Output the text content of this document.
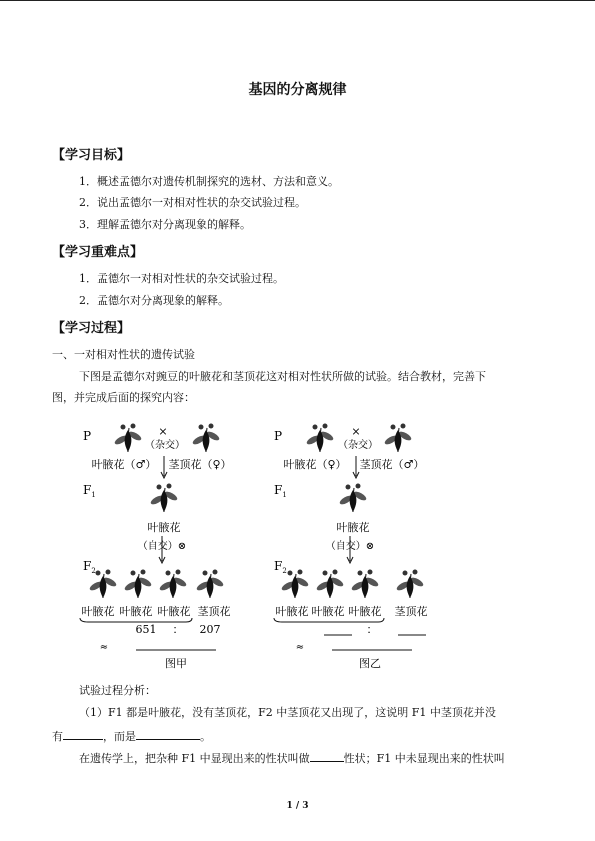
基因的分离规律
【学习目标】
1．概述孟德尔对遗传机制探究的选材、方法和意义。
2．说出孟德尔一对相对性状的杂交试验过程。
3．理解孟德尔对分离现象的解释。
【学习重难点】
1．孟德尔一对相对性状的杂交试验过程。
2．孟德尔对分离现象的解释。
【学习过程】
一、一对相对性状的遗传试验
下图是孟德尔对豌豆的叶腋花和茎顶花这对相对性状所做的试验。结合教材，完善下
图，并完成后面的探究内容：
P	×
（杂交）
叶腋花（♂） 茎顶花（♀）
$F_1$
叶腋花
（自交）⊗
$F_2$
叶腋花 叶腋花 叶腋花 茎顶花
651 ： 207
≈
图甲
P	×
（杂交）
叶腋花（♀） 茎顶花（♂）
$F_1$
叶腋花
（自交）⊗
$F_2$
叶腋花 叶腋花 叶腋花 茎顶花
：
≈
图乙
试验过程分析：
（1）F1 都是叶腋花，没有茎顶花，F2 中茎顶花又出现了，这说明 F1 中茎顶花并没
有	，而是	。
在遗传学上，把杂种 F1 中显现出来的性状叫做	性状；F1 中未显现出来的性状叫
1 / 3
